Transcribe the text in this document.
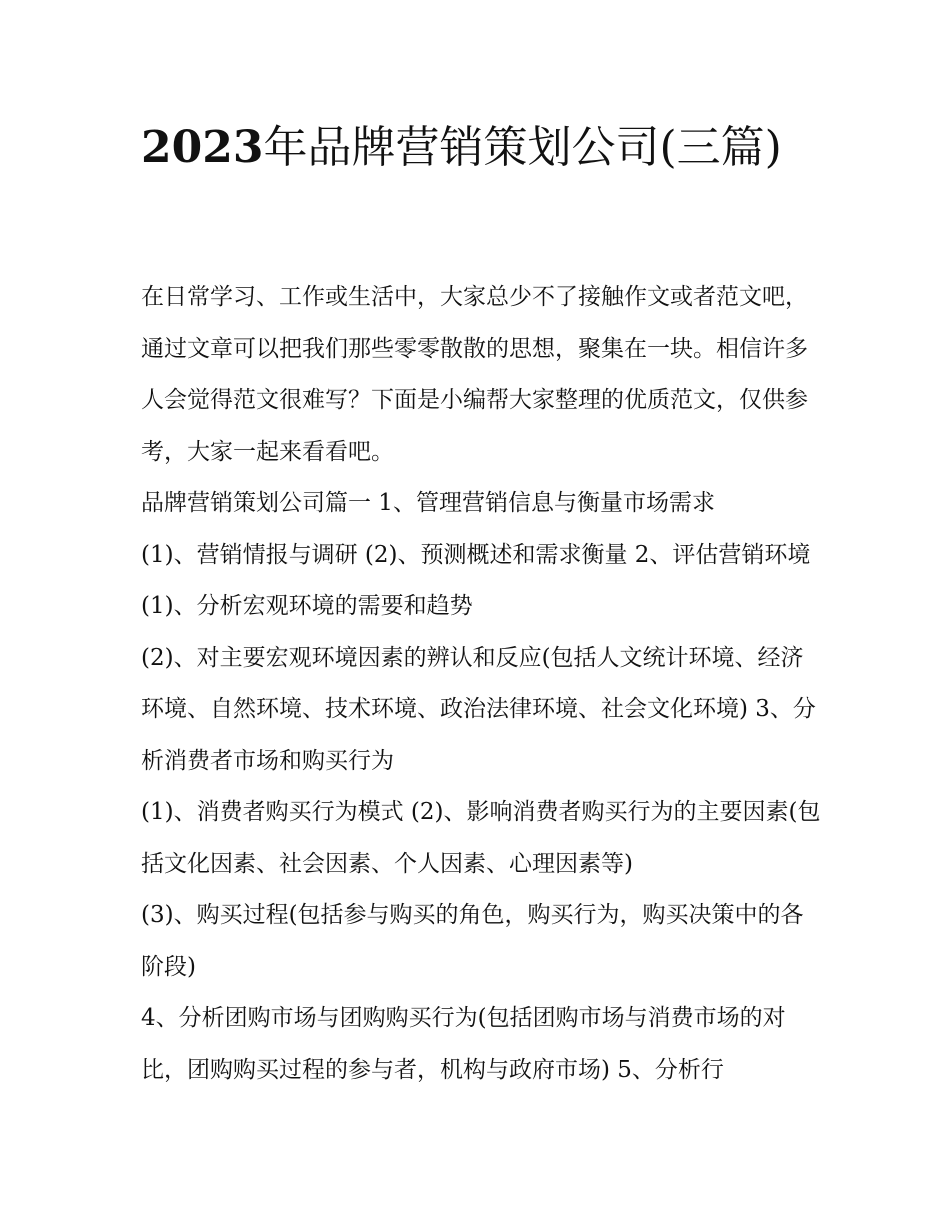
2023年品牌营销策划公司(三篇)

在日常学习、工作或生活中，大家总少不了接触作文或者范文吧，通过文章可以把我们那些零零散散的思想，聚集在一块。相信许多人会觉得范文很难写？下面是小编帮大家整理的优质范文，仅供参考，大家一起来看看吧。

品牌营销策划公司篇一 1、管理营销信息与衡量市场需求

(1)、营销情报与调研 (2)、预测概述和需求衡量 2、评估营销环境 (1)、分析宏观环境的需要和趋势

(2)、对主要宏观环境因素的辨认和反应(包括人文统计环境、经济环境、自然环境、技术环境、政治法律环境、社会文化环境) 3、分析消费者市场和购买行为

(1)、消费者购买行为模式 (2)、影响消费者购买行为的主要因素(包括文化因素、社会因素、个人因素、心理因素等)

(3)、购买过程(包括参与购买的角色，购买行为，购买决策中的各阶段)

4、分析团购市场与团购购买行为(包括团购市场与消费市场的对比，团购购买过程的参与者，机构与政府市场) 5、分析行
